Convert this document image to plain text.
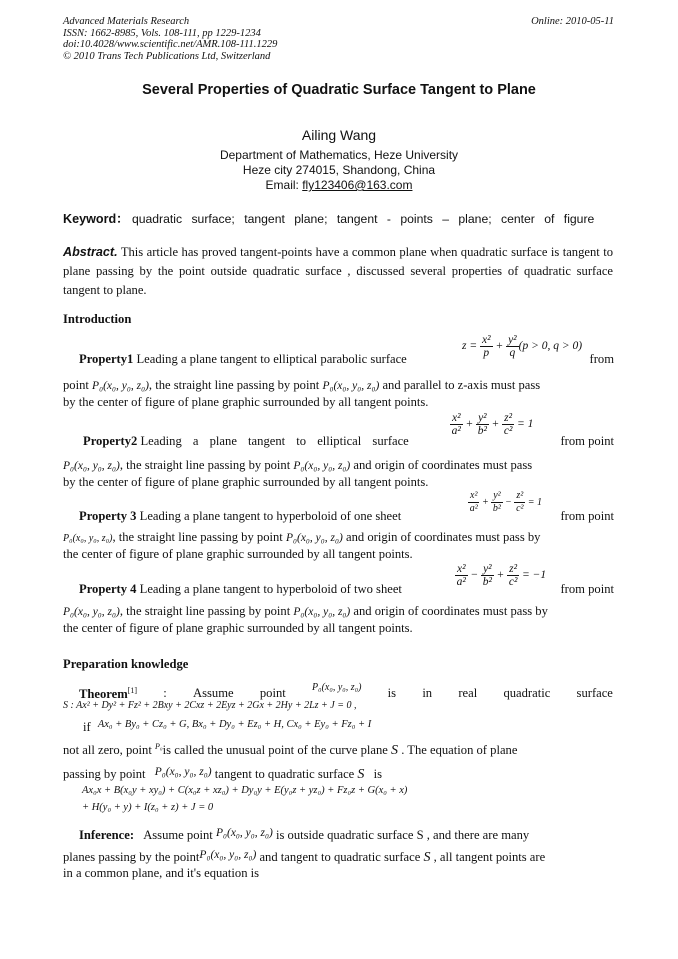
Advanced Materials Research
ISSN: 1662-8985, Vols. 108-111, pp 1229-1234
doi:10.4028/www.scientific.net/AMR.108-111.1229
© 2010 Trans Tech Publications Ltd, Switzerland
Online: 2010-05-11
Several Properties of Quadratic Surface Tangent to Plane
Ailing Wang
Department of Mathematics, Heze University
Heze city 274015, Shandong, China
Email: fly123406@163.com
Keyword： quadratic surface; tangent plane; tangent - points – plane; center of figure
Abstract. This article has proved tangent-points have a common plane when quadratic surface is tangent to plane passing by the point outside quadratic surface , discussed several properties of quadratic surface tangent to plane.
Introduction
Property1 Leading a plane tangent to elliptical parabolic surface
$z = \frac{\text{x²}}{p} + \frac{\text{y²}}{q} (p > 0$, q > 0)
from
point P₀(x₀, y₀, z₀), the straight line passing by point P₀(x₀, y₀, z₀) and parallel to z-axis must pass
by the center of figure of plane graphic surrounded by all tangent points.
Property2 Leading a plane tangent to elliptical surface
$\frac{\text{x²}}{\text{a²}} + \frac{\text{y²}}{\text{b²}} + \frac{\text{z²}}{\text{c²}} = 1$
from point
P₀(x₀, y₀, z₀), the straight line passing by point P₀(x₀, y₀, z₀) and origin of coordinates must pass
by the center of figure of plane graphic surrounded by all tangent points.
Property 3 Leading a plane tangent to hyperboloid of one sheet
$\frac{\text{x²}}{\text{a²}} + \frac{\text{y²}}{\text{b²}} - \frac{\text{z²}}{\text{c²}} = 1$
from point
P₀(x₀, y₀, z₀), the straight line passing by point P₀(x₀, y₀, z₀) and origin of coordinates must pass by
the center of figure of plane graphic surrounded by all tangent points.
Property 4 Leading a plane tangent to hyperboloid of two sheet
$\frac{\text{x²}}{\text{a²}} - \frac{\text{y²}}{\text{b²}} + \frac{\text{z²}}{\text{c²}} = -1$
from point
P₀(x₀, y₀, z₀), the straight line passing by point P₀(x₀, y₀, z₀) and origin of coordinates must pass by
the center of figure of plane graphic surrounded by all tangent points.
Preparation knowledge
Theorem[1] : Assume point	P₀(x₀, y₀, z₀) is in real quadratic surface
S : Ax² + Dy² + Fz² + 2Bxy + 2Cxz + 2Eyz + 2Gx + 2Hy + 2Lz + J = 0 ,
if $^{Ax_0 + By_0 + Cz_0 + G, Bx_0 + Dy_0 + Ez_0 + H, Cx_0 + Ey_0 + Fz_0 + I}$
not all zero, point $^{P_0}$is called the unusual point of the curve plane S . The equation of plane
passing by point P₀(x₀, y₀, z₀) tangent to quadratic surface S is
Ax₀x + B(x₀y + xy₀) + C(x₀z + xz₀) + Dy₀y + E(y₀z + yz₀) + Fz₀z + G(x₀ + x)
+ H(y₀ + y) + I(z₀ + z) + J = 0
Inference: Assume point P₀(x₀, y₀, z₀) is outside quadratic surface S , and there are many
planes passing by the pointP₀(x₀, y₀, z₀) and tangent to quadratic surface S , all tangent points are
in a common plane, and it's equation is
